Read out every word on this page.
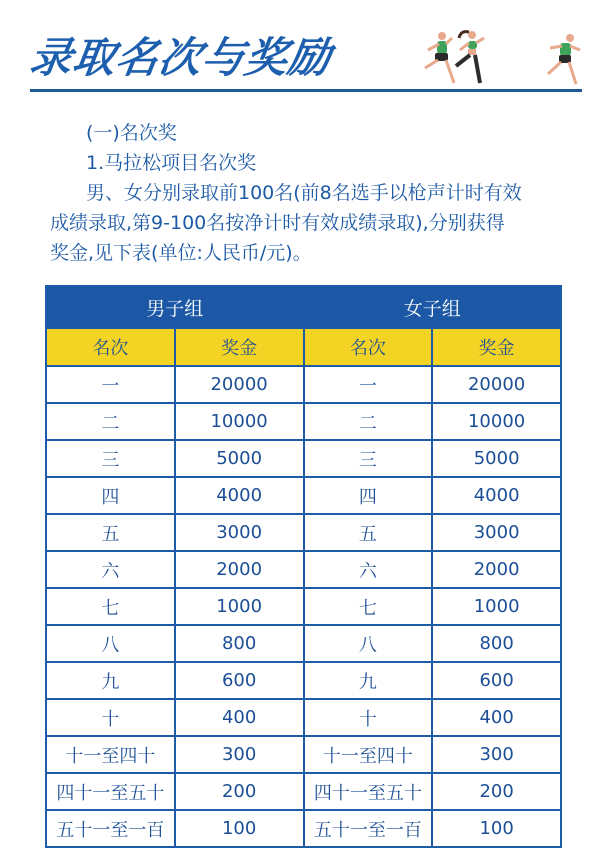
录取名次与奖励

(一)名次奖

1.马拉松项目名次奖

男、女分别录取前100名(前8名选手以枪声计时有效

成绩录取,第9-100名按净计时有效成绩录取),分别获得

奖金,见下表(单位:人民币/元)。

男子组		女子组	
名次	奖金	名次	奖金
一	20000	一	20000
二	10000	二	10000
三	5000	三	5000
四	4000	四	4000
五	3000	五	3000
六	2000	六	2000
七	1000	七	1000
八	800	八	800
九	600	九	600
十	400	十	400
十一至四十	300	十一至四十	300
四十一至五十	200	四十一至五十	200
五十一至一百	100	五十一至一百	100
